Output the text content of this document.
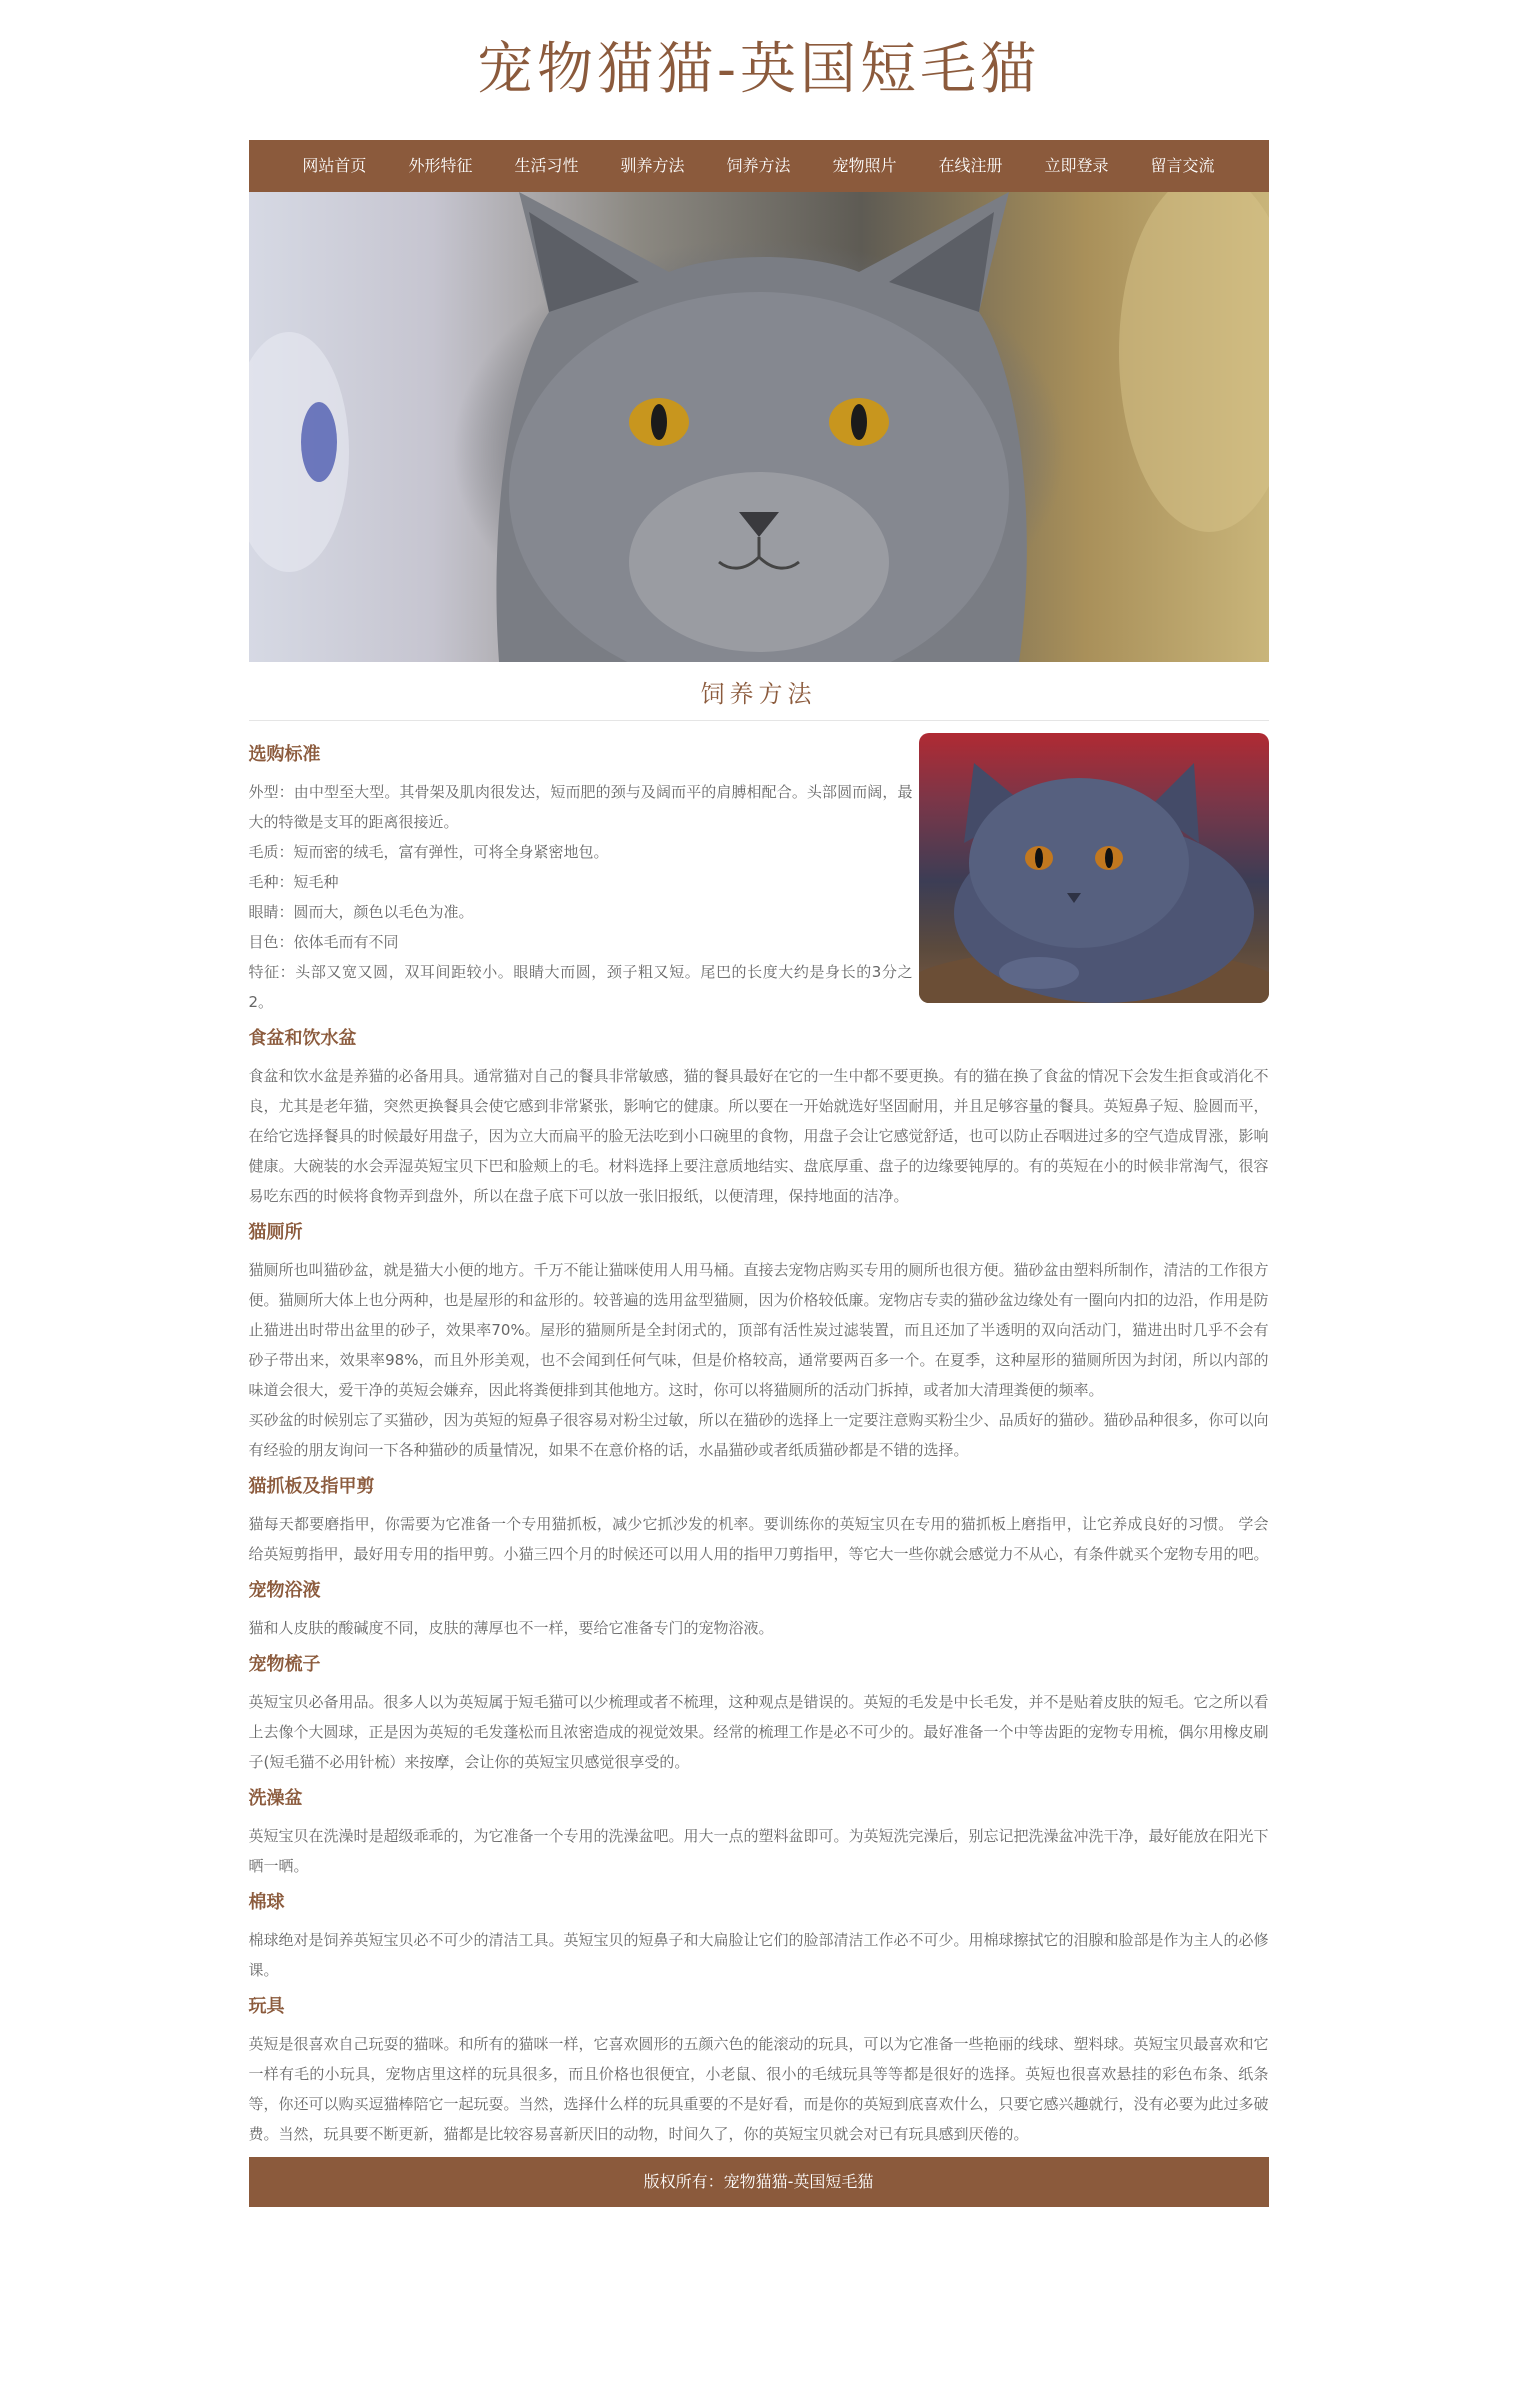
宠物猫猫-英国短毛猫
网站首页	外形特征	生活习性	驯养方法	饲养方法	宠物照片	在线注册	立即登录	留言交流
饲养方法
选购标准

外型：由中型至大型。其骨架及肌肉很发达，短而肥的颈与及阔而平的肩膊相配合。头部圆而阔，最大的特徵是支耳的距离很接近。

毛质：短而密的绒毛，富有弹性，可将全身紧密地包。

毛种：短毛种

眼睛：圆而大，颜色以毛色为准。

目色：依体毛而有不同

特征：头部又宽又圆，双耳间距较小。眼睛大而圆，颈子粗又短。尾巴的长度大约是身长的3分之2。

食盆和饮水盆

食盆和饮水盆是养猫的必备用具。通常猫对自己的餐具非常敏感，猫的餐具最好在它的一生中都不要更换。有的猫在换了食盆的情况下会发生拒食或消化不良，尤其是老年猫，突然更换餐具会使它感到非常紧张，影响它的健康。所以要在一开始就选好坚固耐用，并且足够容量的餐具。英短鼻子短、脸圆而平，在给它选择餐具的时候最好用盘子，因为立大而扁平的脸无法吃到小口碗里的食物，用盘子会让它感觉舒适，也可以防止吞咽进过多的空气造成胃涨，影响健康。大碗装的水会弄湿英短宝贝下巴和脸颊上的毛。材料选择上要注意质地结实、盘底厚重、盘子的边缘要钝厚的。有的英短在小的时候非常淘气，很容易吃东西的时候将食物弄到盘外，所以在盘子底下可以放一张旧报纸，以便清理，保持地面的洁净。

猫厕所

猫厕所也叫猫砂盆，就是猫大小便的地方。千万不能让猫咪使用人用马桶。直接去宠物店购买专用的厕所也很方便。猫砂盆由塑料所制作，清洁的工作很方便。猫厕所大体上也分两种，也是屋形的和盆形的。较普遍的选用盆型猫厕，因为价格较低廉。宠物店专卖的猫砂盆边缘处有一圈向内扣的边沿，作用是防止猫进出时带出盆里的砂子，效果率70%。屋形的猫厕所是全封闭式的，顶部有活性炭过滤装置，而且还加了半透明的双向活动门，猫进出时几乎不会有砂子带出来，效果率98%，而且外形美观，也不会闻到任何气味，但是价格较高，通常要两百多一个。在夏季，这种屋形的猫厕所因为封闭，所以内部的味道会很大，爱干净的英短会嫌弃，因此将粪便排到其他地方。这时，你可以将猫厕所的活动门拆掉，或者加大清理粪便的频率。

买砂盆的时候别忘了买猫砂，因为英短的短鼻子很容易对粉尘过敏，所以在猫砂的选择上一定要注意购买粉尘少、品质好的猫砂。猫砂品种很多，你可以向有经验的朋友询问一下各种猫砂的质量情况，如果不在意价格的话，水晶猫砂或者纸质猫砂都是不错的选择。

猫抓板及指甲剪

猫每天都要磨指甲，你需要为它准备一个专用猫抓板，减少它抓沙发的机率。要训练你的英短宝贝在专用的猫抓板上磨指甲，让它养成良好的习惯。 学会给英短剪指甲，最好用专用的指甲剪。小猫三四个月的时候还可以用人用的指甲刀剪指甲，等它大一些你就会感觉力不从心，有条件就买个宠物专用的吧。

宠物浴液

猫和人皮肤的酸碱度不同，皮肤的薄厚也不一样，要给它准备专门的宠物浴液。

宠物梳子

英短宝贝必备用品。很多人以为英短属于短毛猫可以少梳理或者不梳理，这种观点是错误的。英短的毛发是中长毛发，并不是贴着皮肤的短毛。它之所以看上去像个大圆球，正是因为英短的毛发蓬松而且浓密造成的视觉效果。经常的梳理工作是必不可少的。最好准备一个中等齿距的宠物专用梳，偶尔用橡皮刷子(短毛猫不必用针梳）来按摩，会让你的英短宝贝感觉很享受的。

洗澡盆

英短宝贝在洗澡时是超级乖乖的，为它准备一个专用的洗澡盆吧。用大一点的塑料盆即可。为英短洗完澡后，别忘记把洗澡盆冲洗干净，最好能放在阳光下晒一晒。

棉球

棉球绝对是饲养英短宝贝必不可少的清洁工具。英短宝贝的短鼻子和大扁脸让它们的脸部清洁工作必不可少。用棉球擦拭它的泪腺和脸部是作为主人的必修课。

玩具

英短是很喜欢自己玩耍的猫咪。和所有的猫咪一样，它喜欢圆形的五颜六色的能滚动的玩具，可以为它准备一些艳丽的线球、塑料球。英短宝贝最喜欢和它一样有毛的小玩具，宠物店里这样的玩具很多，而且价格也很便宜，小老鼠、很小的毛绒玩具等等都是很好的选择。英短也很喜欢悬挂的彩色布条、纸条等，你还可以购买逗猫棒陪它一起玩耍。当然，选择什么样的玩具重要的不是好看，而是你的英短到底喜欢什么，只要它感兴趣就行，没有必要为此过多破费。当然，玩具要不断更新，猫都是比较容易喜新厌旧的动物，时间久了，你的英短宝贝就会对已有玩具感到厌倦的。

版权所有：宠物猫猫-英国短毛猫
